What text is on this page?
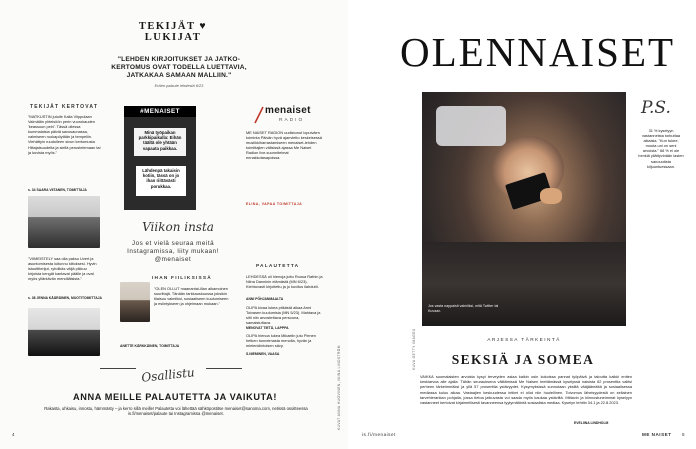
TEKIJÄT ♥ LUKIJAT
"LEHDEN KIRJOITUKSET JA JATKO-KERTOMUS OVAT TODELLA LUETTAVIA, JATKAKAA SAMAAN MALLIIN."
Eräen palaute lehdestä 6/23
TEKIJÄT KERTOVAT
"MATKUSTIN jutulle Kalla Viippulaan Valmälän yhteisöön perin vuorokauden 'keassuun peiri'. Tässä ollessa kummalaisia päiviä savusaunassa, valmiseen ruokapöytään ja tempeliin. Viehättyin ruudulleen sivun kertomusta Hiitajaisuudelta ja siellä perustelemaan tai ja kuvista myös."
s. 34 SAARA VIITANEN, TOIMITTAJA
"VIIMEISTELY saa olla paksu Uvert ja asuntomisesta luitunnu kiitoksesi. Hyvin istuuttiterijut, ryhdikäs väijä pikkuu kirjoista kengät kantavat päälle ja ovat myös ylläntävän mendiläisista."
s. 38 JENNA KÄÄRÄINEN, MUOTITOIMITTAJA
#MENAISET
Minä työpaikan parkkipaikalla: Eihän täältä ole yhtään vapaata paikkaa.
Lähdenpä takaisin kotiin, tässä on jo ihan riittävästi porukkaa.
Viikon insta
Jos et vielä seuraa meitä Instagramissa, liity mukaan! @menaiset
menaiset
RADIO
ME NAISET RADION uudistunut lopuiväen toiminta Päivän hyvä ajanvietto keskeisessä musiikkiharrastamiseen menaiset-lehden toimittajien välisissä ajassa Me Naiset Radion live-suunnitelmat ennakkotasapoissa.
ELINA, VAPAA TOIMITTAJA
IHAN FIILIKSISSÄ
"OLEN OLLUT maanantai-illan aikamoinen suurittajä. Tänään tarkkauskuussa joksikin tilaisuu valmiiksi, sosiaaliseen kuulumiseen ja esiintykseen ja ohjelmaan mukaan."
ANETTE KÄRKKÄINEN, TOIMITTAJA
PALAUTETTA
LEHDESSÄ oli hienoja juttu Roosa Rafnin ja Niina Danninin elämästä (MN 6/23). Kiehtovasti kirjoitettu ja jo kuvitus ilahdutti.
ANNI PÖHJANMAALTA
OLIPA kivaa lukea pitkästä aikaa Armi Toivasen kuulumisia (MN 5/23). Mahtava ja silti niin arvostettava persoona, samaistuttava.
MENOVAT TIETÄ, LAPPPA
OLIPA hienoa lukea Mikaelin jutu Pienen hetken tunnelmasta menolla, hyvän ja mielenkiintoisen sävy.
S.NIEMINEN, VAASA
Osallistu
ANNA MEILLE PALAUTETTA JA VAIKUTA!
Rakasta, uhkaisu, innostu, hämmästy – ja kerro sillä meille! Palautetta voi lähettää sähköpostitse menaiset@sanoma.com, netissä osoitteessa is.fi/menaiset/palaute tai Instagramissa @menaiset.
4
KUVAT ANNA HUOVINEN, NIINA LINDSTRÖM
OLENNAISET
Jos vasta nappaisit valmiiksi, mitä Twitter tai Kuvaan.
KUVA GETTY IMAGES
P.S.
31 % kyselyyn vastanneista torkuttaa aikaisia. "Kun tukee, muuta uni on seni arvoista." 68 % ei ole henkiä yllättyvinään lasten sanouutista kiljuuntuessaan.
ARJESSA TÄRKEINTÄ
SEKSIÄ JA SOMEA
VAIKKA suomalaisten arvoista kysyi terveyden asiaa kaikin osin kokoissa pannat työpäivä ja taloutta kaikki eniten keskiarvoa alle ajalla. Tähän seurauksena väittämissä Me Naisen teettämässä kyselyssä naisista 62 prosenttia valitsi perheen tärkeimmäksi ja yllä 57 prosenttia ystävyydet. Kysymyksissä sunnutaan yksiltä vääjäämättä ja sosiaalisessa mediassa kuluu aikaa. Vastaajien keskuudessa intiimi ei ollut niin huolellinen. Toivomus läheisyydestä on sellainen tarvehierarkian pohjalla, jossa tietoa jatkuvasta voi saada myös kaukaa ystäviltä. Mittavin ja kiinnostuneimmat kyselyyn vastanneet kertoivat kirjaimellisesti tavanneensa tyytymätöntä sosiaalista mediaa. Kyselyn tehtiin 34.1 ja 22.8.2023.
EVELIINA LINDHOLM
is.fi/menaiset	ME NAISET 5
